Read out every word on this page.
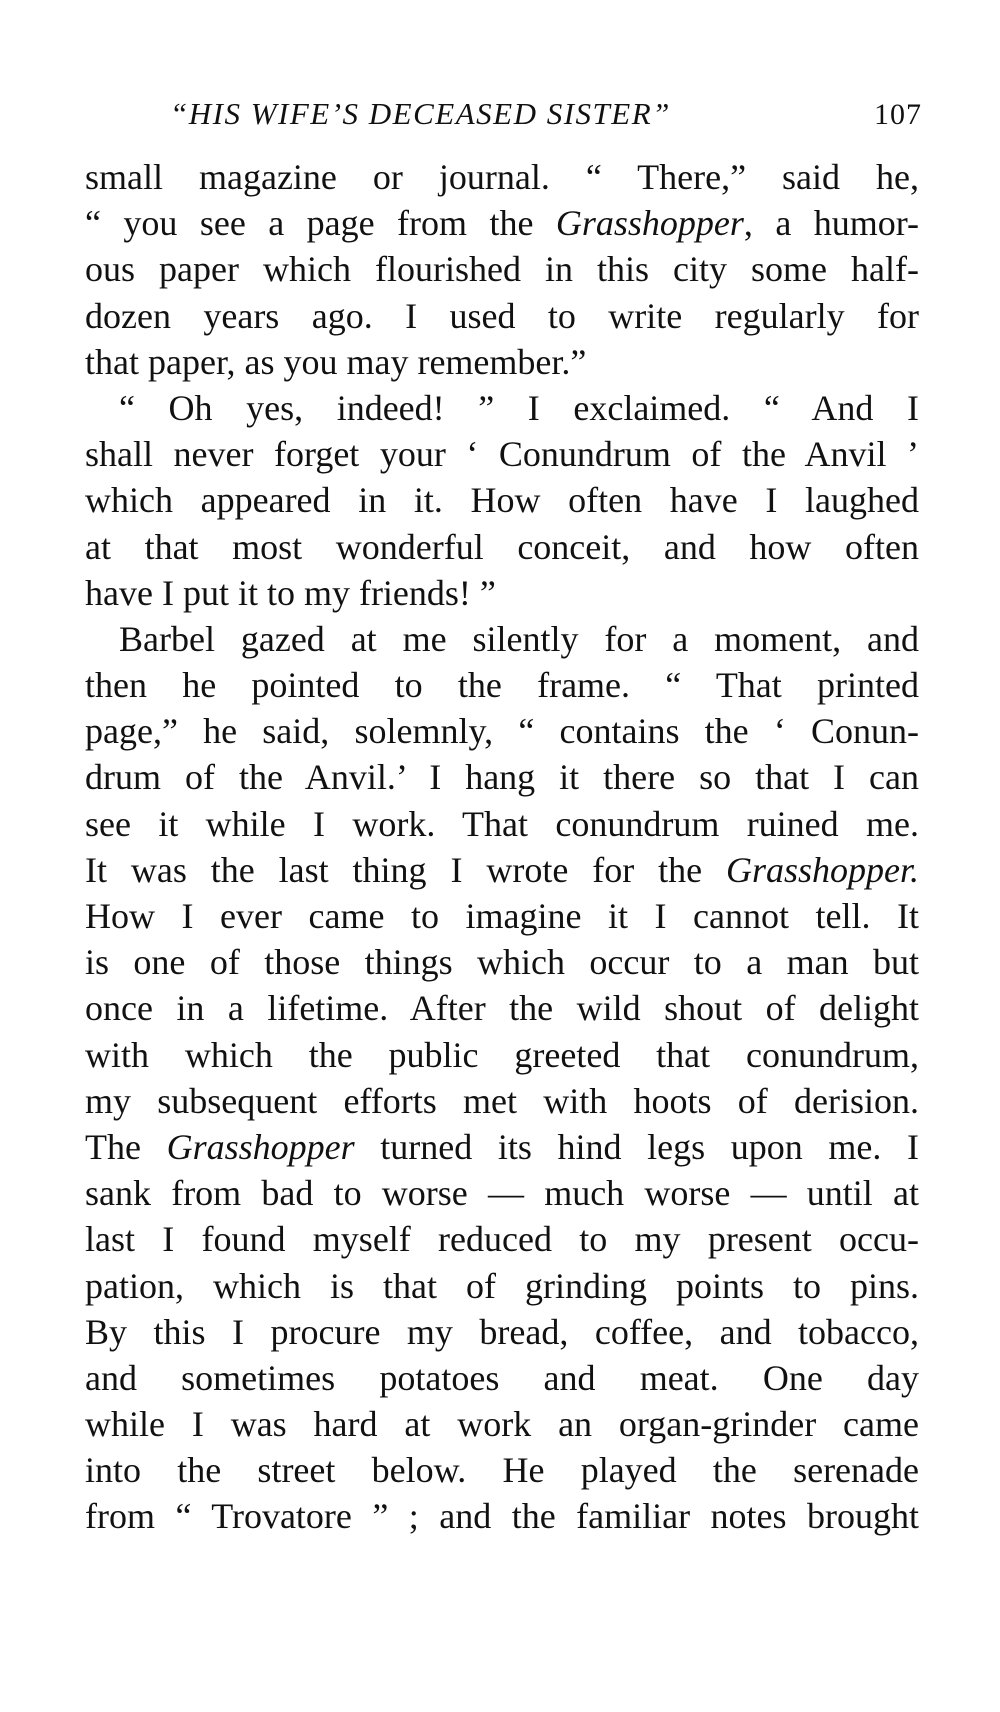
“HIS WIFE’S DECEASED SISTER”	107
small magazine or journal. “ There,” said he,
“ you see a page from the Grasshopper, a humor-
ous paper which flourished in this city some half-
dozen years ago. I used to write regularly for
that paper, as you may remember.”
“ Oh yes, indeed! ” I exclaimed. “ And I
shall never forget your ‘ Conundrum of the Anvil ’
which appeared in it. How often have I laughed
at that most wonderful conceit, and how often
have I put it to my friends! ”
Barbel gazed at me silently for a moment, and
then he pointed to the frame. “ That printed
page,” he said, solemnly, “ contains the ‘ Conun-
drum of the Anvil.’ I hang it there so that I can
see it while I work. That conundrum ruined me.
It was the last thing I wrote for the Grasshopper.
How I ever came to imagine it I cannot tell. It
is one of those things which occur to a man but
once in a lifetime. After the wild shout of delight
with which the public greeted that conundrum,
my subsequent efforts met with hoots of derision.
The Grasshopper turned its hind legs upon me. I
sank from bad to worse — much worse — until at
last I found myself reduced to my present occu-
pation, which is that of grinding points to pins.
By this I procure my bread, coffee, and tobacco,
and sometimes potatoes and meat. One day
while I was hard at work an organ-grinder came
into the street below. He played the serenade
from “ Trovatore ” ; and the familiar notes brought
